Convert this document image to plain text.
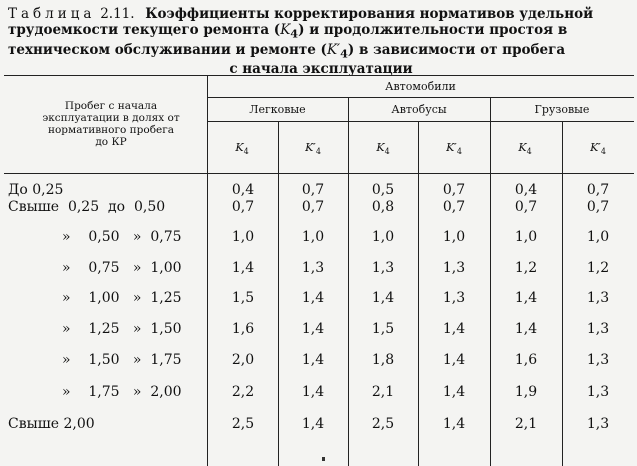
Таблица 2.11. Коэффициенты корректирования нормативов удельной
трудоемкости текущего ремонта $(K_4)$ и продолжительности простоя в
техническом обслуживании и ремонте $(K'_4)$ в зависимости от пробега

с начала эксплуатации
Пробег с начала эксплуатации в долях от нормативного пробега до КР
Автомобили
Легковые	Автобусы	Грузовые
$K_4$	$K'_4$	$K_4$	$K'_4$	$K_4$	$K'_4$
До 0,25	0,4	0,7	0,5	0,7	0,4	0,7
Свыше  0,25  до  0,50	0,7	0,7	0,8	0,7	0,7	0,7
»    0,50   »  0,75	1,0	1,0	1,0	1,0	1,0	1,0
»    0,75   »  1,00	1,4	1,3	1,3	1,3	1,2	1,2
»    1,00   »  1,25	1,5	1,4	1,4	1,3	1,4	1,3
»    1,25   »  1,50	1,6	1,4	1,5	1,4	1,4	1,3
»    1,50   »  1,75	2,0	1,4	1,8	1,4	1,6	1,3
»    1,75   »  2,00	2,2	1,4	2,1	1,4	1,9	1,3
Свыше 2,00	2,5	1,4	2,5	1,4	2,1	1,3
